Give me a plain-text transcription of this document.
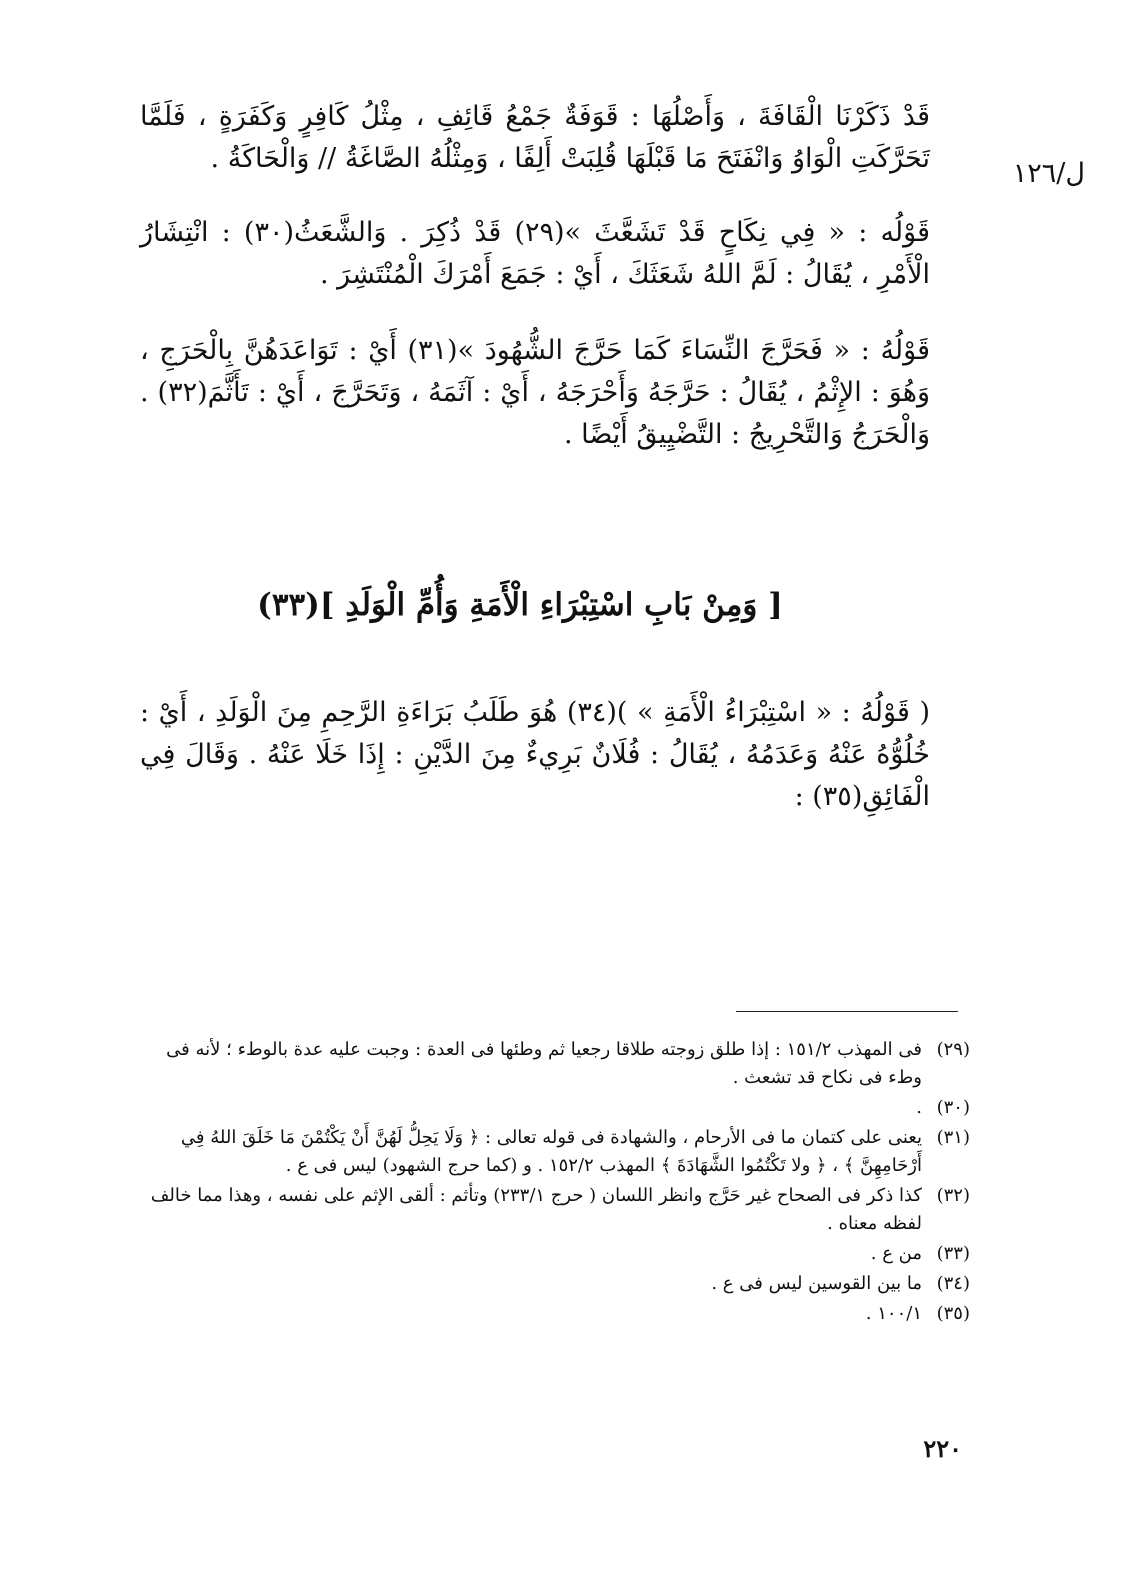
ل/١٢٦
قَدْ ذَكَرْنَا الْقَافَةَ ، وَأَصْلُهَا : قَوَفَةٌ جَمْعُ قَائِفِ ، مِثْلُ كَافِرٍ وَكَفَرَةٍ ، فَلَمَّا تَحَرَّكَتِ الْوَاوُ وَانْفَتَحَ مَا قَبْلَهَا قُلِبَتْ أَلِفًا ، وَمِثْلُهُ الصَّاغَةُ // وَالْحَاكَةُ .
قَوْلُه : « فِي نِكَاحٍ قَدْ تَشَعَّثَ »(٢٩) قَدْ ذُكِرَ . وَالشَّعَثُ(٣٠) : انْتِشَارُ الْأَمْرِ ، يُقَالُ : لَمَّ اللهُ شَعَثَكَ ، أَيْ : جَمَعَ أَمْرَكَ الْمُنْتَشِرَ .
قَوْلُهُ : « فَحَرَّجَ النِّسَاءَ كَمَا حَرَّجَ الشُّهُودَ »(٣١) أَيْ : تَوَاعَدَهُنَّ بِالْحَرَجِ ، وَهُوَ : الإِثْمُ ، يُقَالُ : حَرَّجَهُ وَأَحْرَجَهُ ، أَيْ : آثَمَهُ ، وَتَحَرَّجَ ، أَيْ : تَأَثَّمَ(٣٢) . وَالْحَرَجُ وَالتَّحْرِيجُ : التَّضْيِيقُ أَيْضًا .
[ وَمِنْ بَابِ اسْتِبْرَاءِ الْأَمَةِ وَأُمِّ الْوَلَدِ ](٣٣)
( قَوْلُهُ : « اسْتِبْرَاءُ الْأَمَةِ » )(٣٤) هُوَ طَلَبُ بَرَاءَةِ الرَّحِمِ مِنَ الْوَلَدِ ، أَيْ : خُلُوُّهُ عَنْهُ وَعَدَمُهُ ، يُقَالُ : فُلَانٌ بَرِيءٌ مِنَ الدَّيْنِ : إِذَا خَلَا عَنْهُ . وَقَالَ فِي الْفَائِقِ(٣٥) :
(٢٩)
فى المهذب ١٥١/٢ : إذا طلق زوجته طلاقا رجعيا ثم وطئها فى العدة : وجبت عليه عدة بالوطء ؛ لأنه فى وطء فى نكاح قد تشعث .
(٣٠)
.
(٣١)
يعنى على كتمان ما فى الأرحام ، والشهادة فى قوله تعالى : ﴿ وَلَا يَحِلُّ لَهُنَّ أَنْ يَكْتُمْنَ مَا خَلَقَ اللهُ فِي أَرْحَامِهِنَّ ﴾ ، ﴿ ولا تَكْتُمُوا الشَّهَادَةَ ﴾ المهذب ١٥٢/٢ . و (كما حرج الشهود) ليس فى ع .
(٣٢)
كذا ذكر فى الصحاح غير حَرَّج وانظر اللسان ( حرج ٢٣٣/١) وتأثم : ألقى الإثم على نفسه ، وهذا مما خالف لفظه معناه .
(٣٣)
من ع .
(٣٤)
ما بين القوسين ليس فى ع .
(٣٥)
١٠٠/١ .
٢٢٠
